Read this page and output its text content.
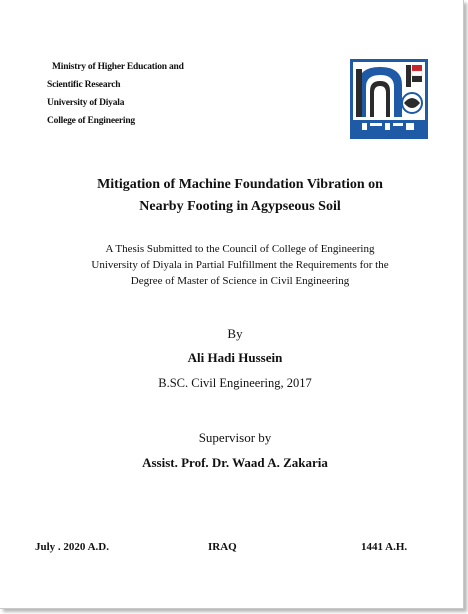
Ministry of Higher Education and
Scientific Research
University of Diyala
College of Engineering
Mitigation of Machine Foundation Vibration on
Nearby Footing in Agypseous Soil
A Thesis Submitted to the Council of College of Engineering
University of Diyala in Partial Fulfillment the Requirements for the
Degree of Master of Science in Civil Engineering
By
Ali Hadi Hussein
B.SC. Civil Engineering, 2017
Supervisor by
Assist. Prof. Dr. Waad A. Zakaria
July . 2020 A.D.	IRAQ	1441 A.H.
